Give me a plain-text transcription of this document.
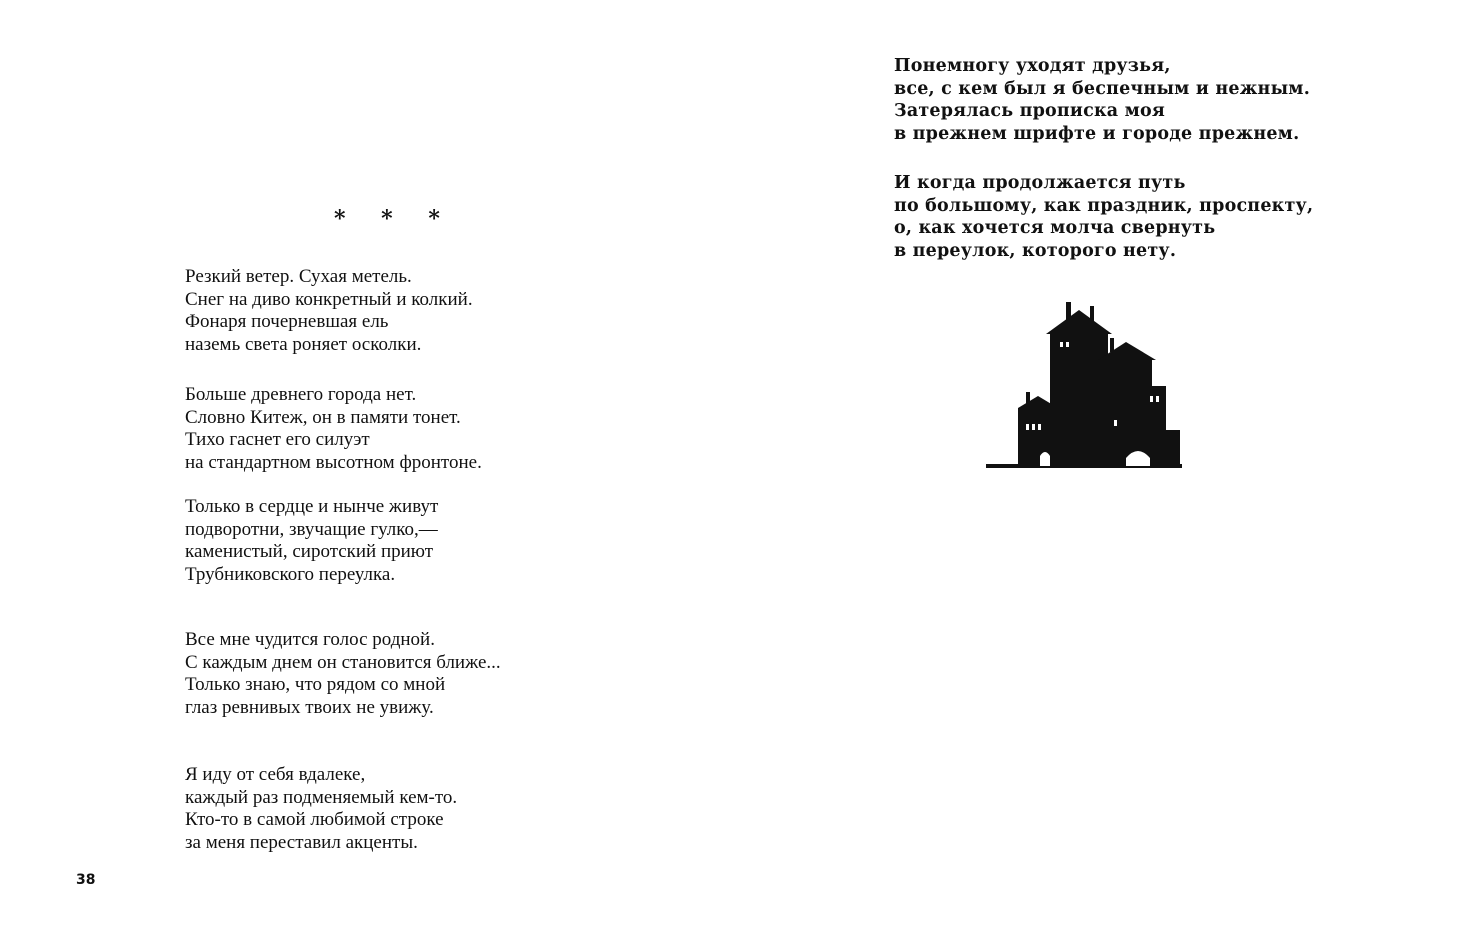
* * *

Резкий ветер. Сухая метель.
Снег на диво конкретный и колкий.
Фонаря почерневшая ель
наземь света роняет осколки.

Больше древнего города нет.
Словно Китеж, он в памяти тонет.
Тихо гаснет его силуэт
на стандартном высотном фронтоне.

Только в сердце и нынче живут
подворотни, звучащие гулко,—
каменистый, сиротский приют
Трубниковского переулка.

Все мне чудится голос родной.
С каждым днем он становится ближе...
Только знаю, что рядом со мной
глаз ревнивых твоих не увижу.

Я иду от себя вдалеке,
каждый раз подменяемый кем-то.
Кто-то в самой любимой строке
за меня переставил акценты.

38

Понемногу уходят друзья,
все, с кем был я беспечным и нежным.
Затерялась прописка моя
в прежнем шрифте и городе прежнем.

И когда продолжается путь
по большому, как праздник, проспекту,
о, как хочется молча свернуть
в переулок, которого нету.
